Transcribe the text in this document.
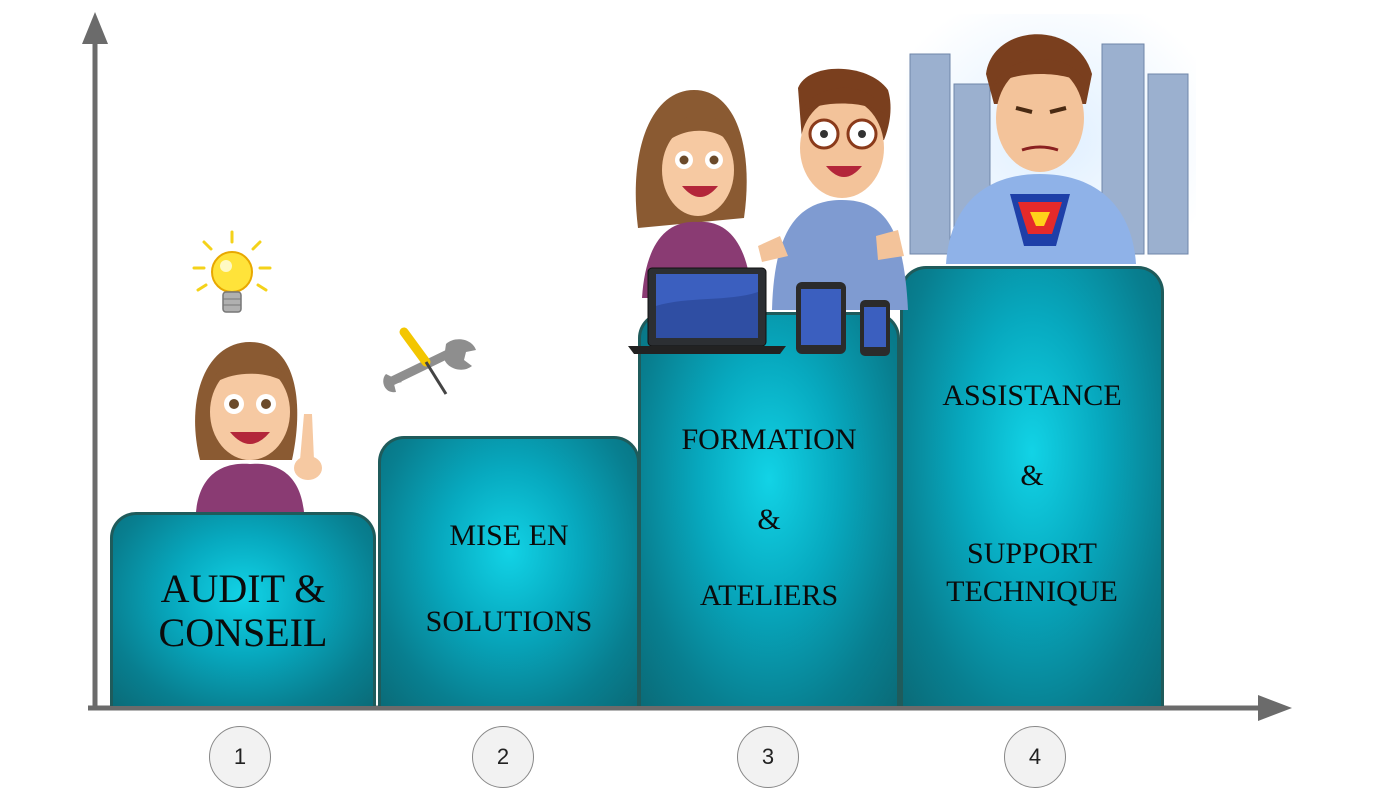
AUDIT &
CONSEIL
MISE EN
SOLUTIONS
FORMATION
&
ATELIERS
ASSISTANCE
&
SUPPORT
TECHNIQUE
1	2	3	4
